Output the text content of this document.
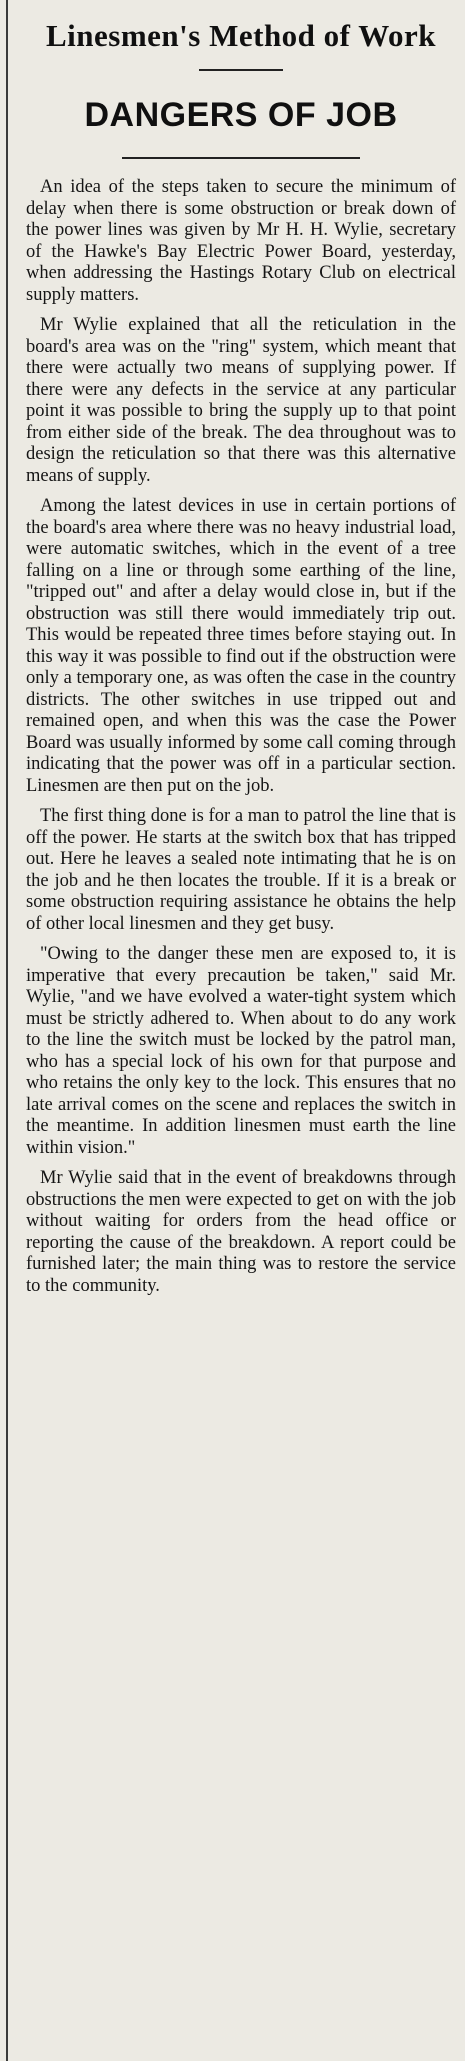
Linesmen's Method of Work
DANGERS OF JOB

An idea of the steps taken to secure the minimum of delay when there is some obstruction or break down of the power lines was given by Mr H. H. Wylie, secretary of the Hawke's Bay Electric Power Board, yesterday, when addressing the Hastings Rotary Club on electrical supply matters.

Mr Wylie explained that all the reticulation in the board's area was on the "ring" system, which meant that there were actually two means of supplying power. If there were any defects in the service at any particular point it was possible to bring the supply up to that point from either side of the break. The dea throughout was to design the reticulation so that there was this alternative means of supply.

Among the latest devices in use in certain portions of the board's area where there was no heavy industrial load, were automatic switches, which in the event of a tree falling on a line or through some earthing of the line, "tripped out" and after a delay would close in, but if the obstruction was still there would immediately trip out. This would be repeated three times before staying out. In this way it was possible to find out if the obstruction were only a temporary one, as was often the case in the country districts. The other switches in use tripped out and remained open, and when this was the case the Power Board was usually informed by some call coming through indicating that the power was off in a particular section. Linesmen are then put on the job.

The first thing done is for a man to patrol the line that is off the power. He starts at the switch box that has tripped out. Here he leaves a sealed note intimating that he is on the job and he then locates the trouble. If it is a break or some obstruction requiring assistance he obtains the help of other local linesmen and they get busy.

"Owing to the danger these men are exposed to, it is imperative that every precaution be taken," said Mr. Wylie, "and we have evolved a water-tight system which must be strictly adhered to. When about to do any work to the line the switch must be locked by the patrol man, who has a special lock of his own for that purpose and who retains the only key to the lock. This ensures that no late arrival comes on the scene and replaces the switch in the meantime. In addition linesmen must earth the line within vision."

Mr Wylie said that in the event of breakdowns through obstructions the men were expected to get on with the job without waiting for orders from the head office or reporting the cause of the breakdown. A report could be furnished later; the main thing was to restore the service to the community.
